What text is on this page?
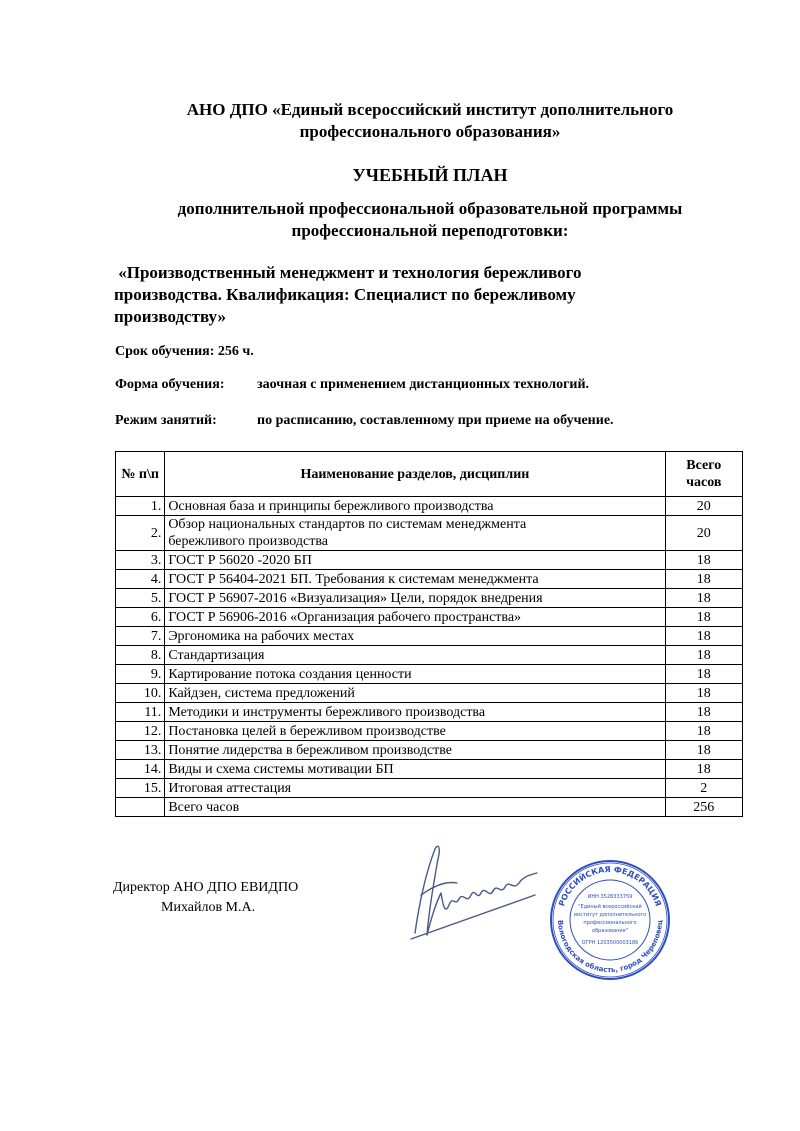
АНО ДПО «Единый всероссийский институт дополнительного
профессионального образования»
УЧЕБНЫЙ ПЛАН
дополнительной профессиональной образовательной программы
профессиональной переподготовки:
«Производственный менеджмент и технология бережливого
производства. Квалификация: Специалист по бережливому
производству»
Срок обучения: 256 ч.
Форма обучения: заочная с применением дистанционных технологий.
Режим занятий:	по расписанию, составленному при приеме на обучение.
№ п\п	Наименование разделов, дисциплин	Всего
часов

1.	Основная база и принципы бережливого производства	20
2.	Обзор национальных стандартов по системам менеджмента
бережливого производства	20
3.	ГОСТ Р 56020 -2020 БП	18
4.	ГОСТ Р 56404-2021 БП. Требования к системам менеджмента	18
5.	ГОСТ Р 56907-2016 «Визуализация» Цели, порядок внедрения	18
6.	ГОСТ Р 56906-2016 «Организация рабочего пространства»	18
7.	Эргономика на рабочих местах	18
8.	Стандартизация	18
9.	Картирование потока создания ценности	18
10.	Кайдзен, система предложений	18
11.	Методики и инструменты бережливого производства	18
12.	Постановка целей в бережливом производстве	18
13.	Понятие лидерства в бережливом производстве	18
14.	Виды и схема системы мотивации БП	18
15.	Итоговая аттестация	2
	Всего часов	256
Директор АНО ДПО ЕВИДПО
Михайлов М.А.	РОССИЙСКАЯ ФЕДЕРАЦИЯ
Вологодская область, город Череповец
ИНН 3528333759
"Единый всероссийский
институт дополнительного
профессионального
образования"
ОГРН 1203500003186
